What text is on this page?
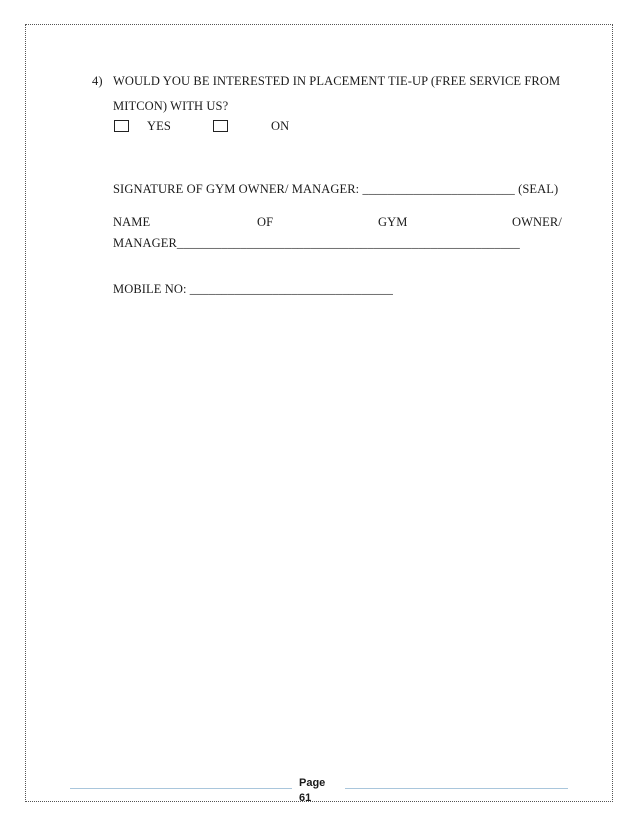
4) WOULD YOU BE INTERESTED IN PLACEMENT TIE-UP (FREE SERVICE FROM
MITCON) WITH US?
YES	ON
SIGNATURE OF GYM OWNER/ MANAGER: ________________________ (SEAL)
NAME	OF	GYM	OWNER/
MANAGER______________________________________________________
MOBILE NO: ________________________________
Page
61
